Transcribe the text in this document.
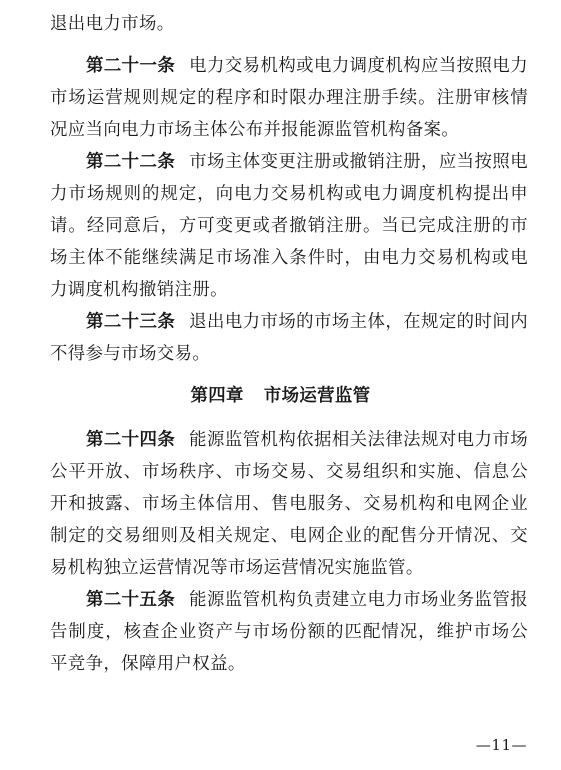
退出电力市场。

第二十一条 电力交易机构或电力调度机构应当按照电力市场运营规则规定的程序和时限办理注册手续。注册审核情况应当向电力市场主体公布并报能源监管机构备案。

第二十二条 市场主体变更注册或撤销注册，应当按照电力市场规则的规定，向电力交易机构或电力调度机构提出申请。经同意后，方可变更或者撤销注册。当已完成注册的市场主体不能继续满足市场准入条件时，由电力交易机构或电力调度机构撤销注册。

第二十三条 退出电力市场的市场主体，在规定的时间内不得参与市场交易。

第四章 市场运营监管

第二十四条 能源监管机构依据相关法律法规对电力市场公平开放、市场秩序、市场交易、交易组织和实施、信息公开和披露、市场主体信用、售电服务、交易机构和电网企业制定的交易细则及相关规定、电网企业的配售分开情况、交易机构独立运营情况等市场运营情况实施监管。

第二十五条 能源监管机构负责建立电力市场业务监管报告制度，核查企业资产与市场份额的匹配情况，维护市场公平竞争，保障用户权益。

—11—
